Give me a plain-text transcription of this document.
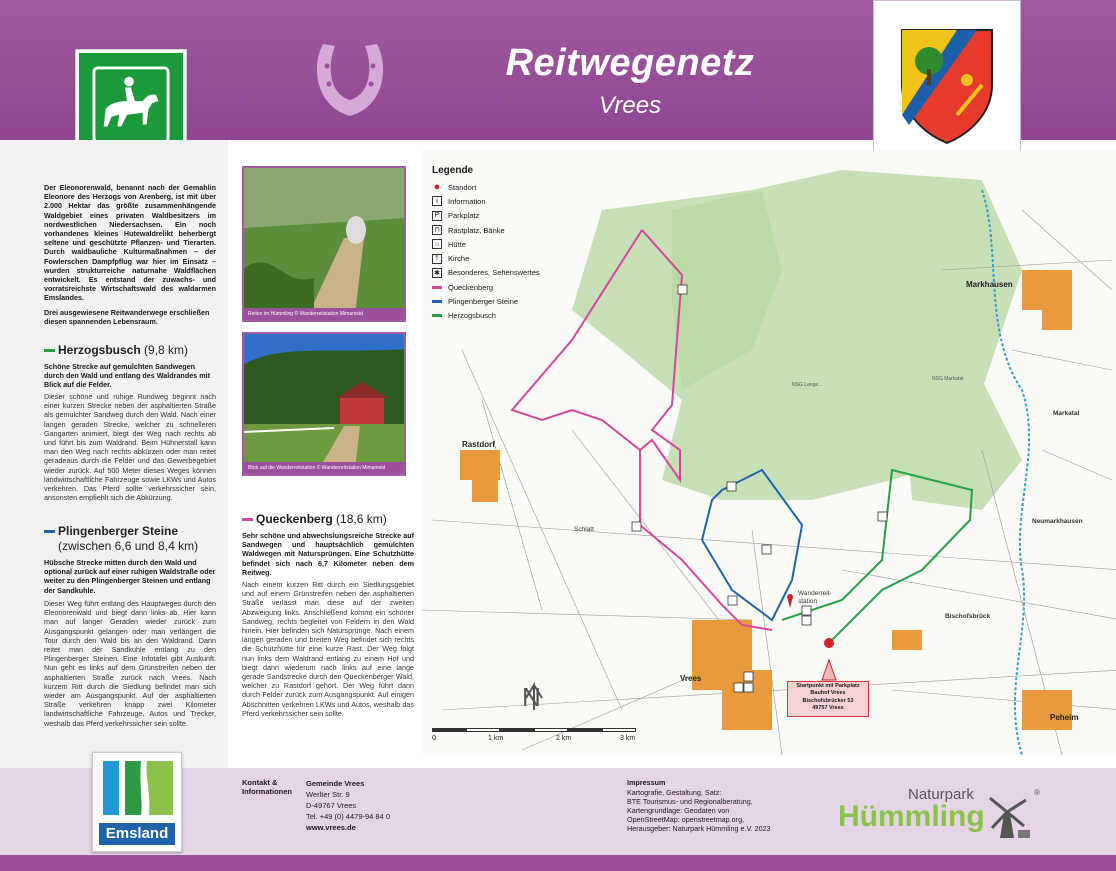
Reitwegenetz
Vrees
Der Eleonorenwald, benannt nach der Gemahlin Eleonore des Herzogs von Arenberg, ist mit über 2.000 Hektar das größte zusammenhängende Waldgebiet eines privaten Waldbesitzers im nordwestlichen Niedersachsen. Ein noch vorhandenes kleines Hutewaldrelikt beherbergt seltene und geschützte Pflanzen- und Tierarten. Durch waldbauliche Kulturmaßnahmen – der Fowlerschen Dampfpflug war hier im Einsatz – wurden strukturreiche naturnahe Waldflächen entwickelt. Es entstand der zuwachs- und vorratsreichste Wirtschaftswald des waldarmen Emslandes.
Drei ausgewiesene Reitwanderwege erschließen diesen spannenden Lebensraum.
Herzogsbusch (9,8 km)
Schöne Strecke auf gemulchten Sandwegen durch den Wald und entlang des Waldrandes mit Blick auf die Felder.
Dieser schöne und ruhige Rundweg beginnt nach einer kurzen Strecke neben der asphaltierten Straße als gemulchter Sandweg durch den Wald. Nach einer langen geraden Strecke, welcher zu schnelleren Gangarten animiert, biegt der Weg nach rechts ab und führt bis zum Waldrand. Beim Hühnerstall kann man den Weg nach rechts abkürzen oder man reitet geradeaus durch die Felder und das Gewerbegebiet wieder zurück. Auf 500 Meter dieses Weges können landwirtschaftliche Fahrzeuge sowie LKWs und Autos verkehren. Das Pferd sollte verkehrssicher sein, ansonsten empfiehlt sich die Abkürzung.
Plingenberger Steine
(zwischen 6,6 und 8,4 km)
Hübsche Strecke mitten durch den Wald und optional zurück auf einer ruhigen Waldstraße oder weiter zu den Plingenberger Steinen und entlang der Sandkuhle.
Dieser Weg führt entlang des Hauptweges durch den Eleonorenwald und biegt dann links ab. Hier kann man auf langer Geraden wieder zurück zum Ausgangspunkt gelangen oder man verlängert die Tour durch den Wald bis an den Waldrand. Dann reitet man der Sandkuhle entlang zu den Plingenberger Steinen. Eine Infotafel gibt Auskunft. Nun geht es links auf dem Grünstreifen neben der asphaltierten Straße zurück nach Vrees. Nach kurzem Ritt durch die Siedlung befindet man sich wieder am Ausgangspunkt. Auf der asphaltierten Straße verkehren knapp zwei Kilometer landwirtschaftliche Fahrzeuge, Autos und Trecker, weshalb das Pferd verkehrssicher sein sollte.
Reiten im Hümmling © Wanderreitstation Mimameid
Blick auf die Wanderreitstation © Wanderreitstation Mimameid
Queckenberg (18,6 km)
Sehr schöne und abwechslungsreiche Strecke auf Sandwegen und hauptsächlich gemulchten Waldwegen mit Natursprüngen. Eine Schutzhütte befindet sich nach 6,7 Kilometer neben dem Reitweg.
Nach einem kurzen Ritt durch ein Siedlungsgebiet und auf einem Grünstreifen neben der asphaltierten Straße verlässt man diese auf der zweiten Abzweigung links. Anschließend kommt ein schöner Sandweg, rechts begleitet von Feldern in den Wald hinein. Hier befinden sich Natursprünge. Nach einem langen geraden und breiten Weg befindet sich rechts die Schutzhütte für eine kurze Rast. Der Weg folgt nun links dem Waldrand entlang zu einem Hof und biegt dann wiederum nach links auf eine lange gerade Sandstrecke durch den Queckenberger Wald, welcher zu Rastdorf gehört. Der Weg führt dann durch Felder zurück zum Ausgangspunkt. Auf einigen Abschnitten verkehren LKWs und Autos, weshalb das Pferd verkehrssicher sein sollte.
Legende
● Standort
i	Information
P	Parkplatz
⊓	Rastplatz, Bänke
⌂	Hütte
†	Kirche
✱ Besonderes, Sehenswertes
Queckenberg
Plingenberger Steine
Herzogsbusch
Markhausen
Rastdorf
Vrees
Peheim
Bischofsbrück
Markatal
Neumarkhausen
Schlatt
Wanderreit-station
NSG Lange…
NSG Markatal
N	Startpunkt mit Parkplatz
Bauhof Vrees
Bischofsbrücker 53
49757 Vrees
0	1 km	2 km	3 km
Emsland
Kontakt &
Informationen
Gemeinde Vrees
Werlter Str. 9
D-49767 Vrees
Tel. +49 (0) 4479-94 84 0
www.vrees.de
Impressum
Kartografie, Gestaltung, Satz:
BTE Tourismus- und Regionalberatung,
Kartengrundlage: Geodaten von
OpenStreetMap: openstreetmap.org,
Herausgeber: Naturpark Hümmling e.V. 2023
Naturpark
Hümmling
®
